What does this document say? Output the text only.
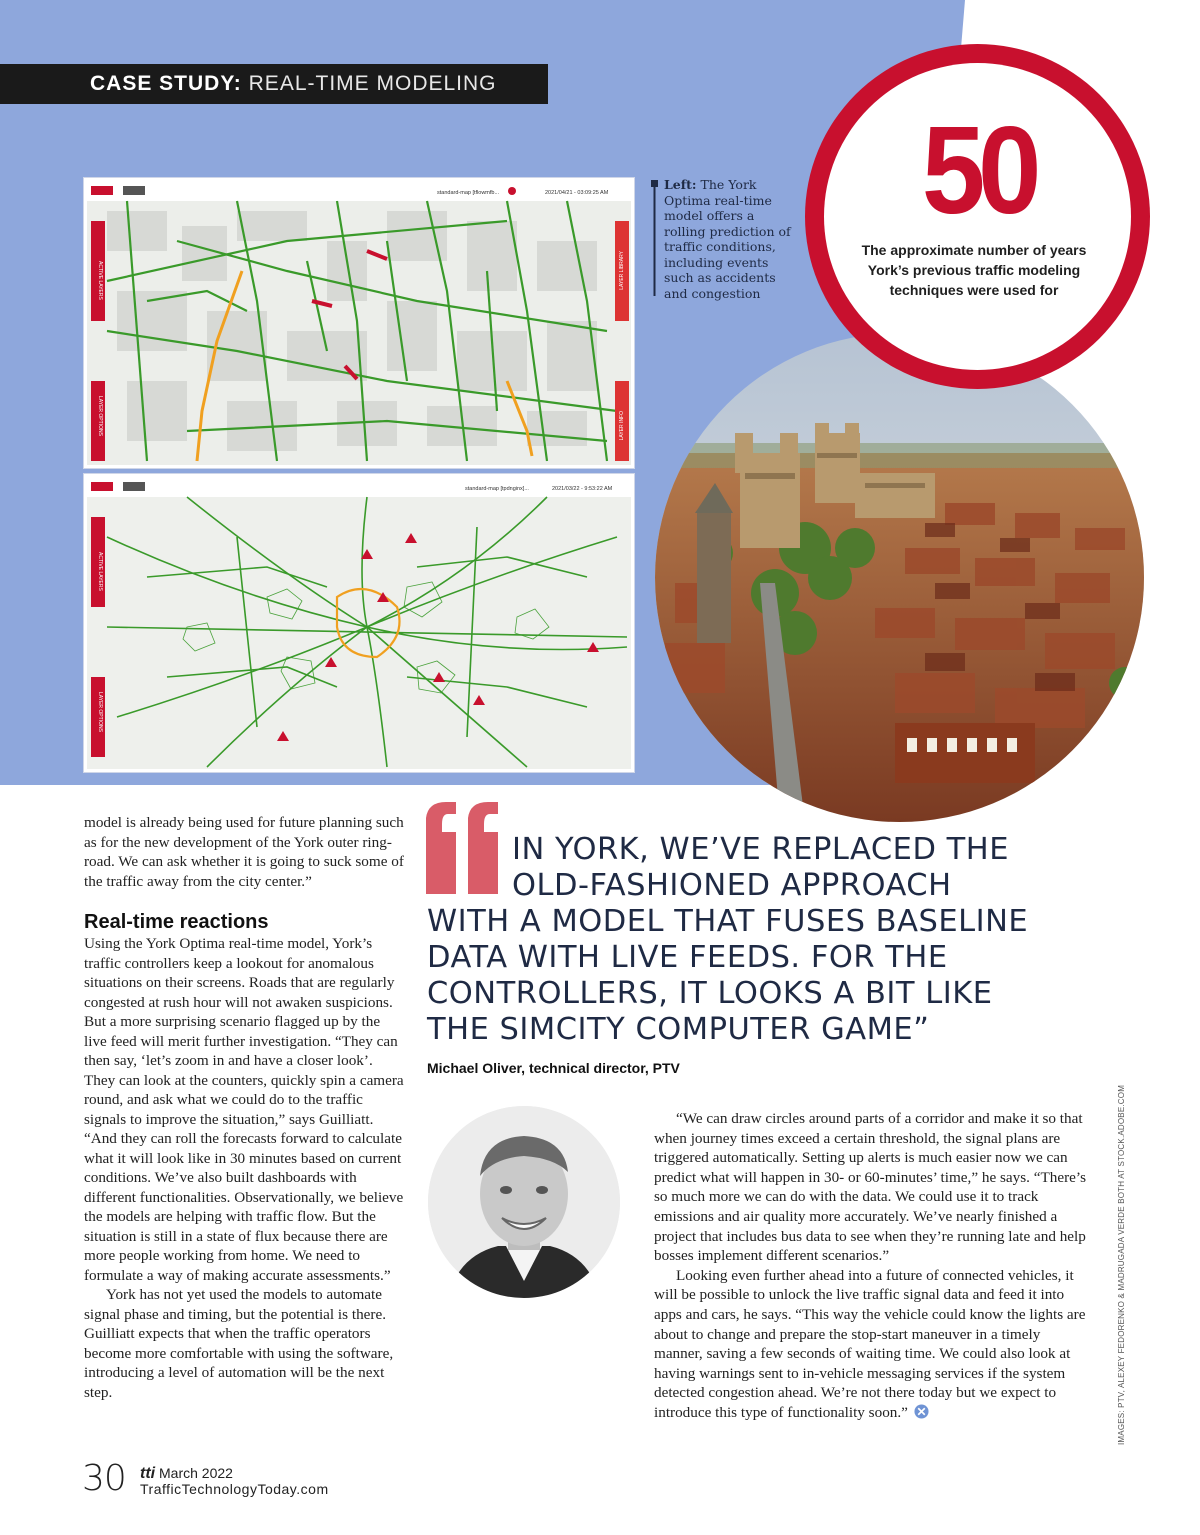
CASE STUDY: REAL-TIME MODELING
standard-map [tflowmfb...	2021/04/21 - 03:09:25 AM
ACTIVE LAYERS
LAYER OPTIONS
LAYER LIBRARY
LAYER INFO
standard-map [tpdnginx]...	2021/03/22 - 9:53:22 AM
ACTIVE LAYERS
LAYER OPTIONS
Left: The York Optima real-time model offers a rolling prediction of traffic conditions, including events such as accidents and congestion
50
The approximate number of years York’s previous traffic modeling techniques were used for

model is already being used for future planning such as for the new development of the York outer ring-road. We can ask whether it is going to suck some of the traffic away from the city center.”

Real-time reactions

Using the York Optima real-time model, York’s traffic controllers keep a lookout for anomalous situations on their screens. Roads that are regularly congested at rush hour will not awaken suspicions. But a more surprising scenario flagged up by the live feed will merit further investigation. “They can then say, ‘let’s zoom in and have a closer look’. They can look at the counters, quickly spin a camera round, and ask what we could do to the traffic signals to improve the situation,” says Guilliatt. “And they can roll the forecasts forward to calculate what it will look like in 30 minutes based on current conditions. We’ve also built dashboards with different functionalities. Observationally, we believe the models are helping with traffic flow. But the situation is still in a state of flux because there are more people working from home. We need to formulate a way of making accurate assessments.”

York has not yet used the models to automate signal phase and timing, but the potential is there. Guilliatt expects that when the traffic operators become more comfortable with using the software, introducing a level of automation will be the next step.

IN YORK, WE’VE REPLACED THE
OLD-FASHIONED APPROACH
WITH A MODEL THAT FUSES BASELINE
DATA WITH LIVE FEEDS. FOR THE
CONTROLLERS, IT LOOKS A BIT LIKE
THE SIMCITY COMPUTER GAME”
Michael Oliver, technical director, PTV

“We can draw circles around parts of a corridor and make it so that when journey times exceed a certain threshold, the signal plans are triggered automatically. Setting up alerts is much easier now we can predict what will happen in 30- or 60-minutes’ time,” he says. “There’s so much more we can do with the data. We could use it to track emissions and air quality more accurately. We’ve nearly finished a project that includes bus data to see when they’re running late and help bosses implement different scenarios.”

Looking even further ahead into a future of connected vehicles, it will be possible to unlock the live traffic signal data and feed it into apps and cars, he says. “This way the vehicle could know the lights are about to change and prepare the stop-start maneuver in a timely manner, saving a few seconds of waiting time. We could also look at having warnings sent to in-vehicle messaging services if the system detected congestion ahead. We’re not there today but we expect to introduce this type of functionality soon.”	IMAGES: PTV, ALEXEY FEDORENKO & MADRUGADA VERDE BOTH AT STOCK.ADOBE.COM
30 tti March 2022
TrafficTechnologyToday.com
